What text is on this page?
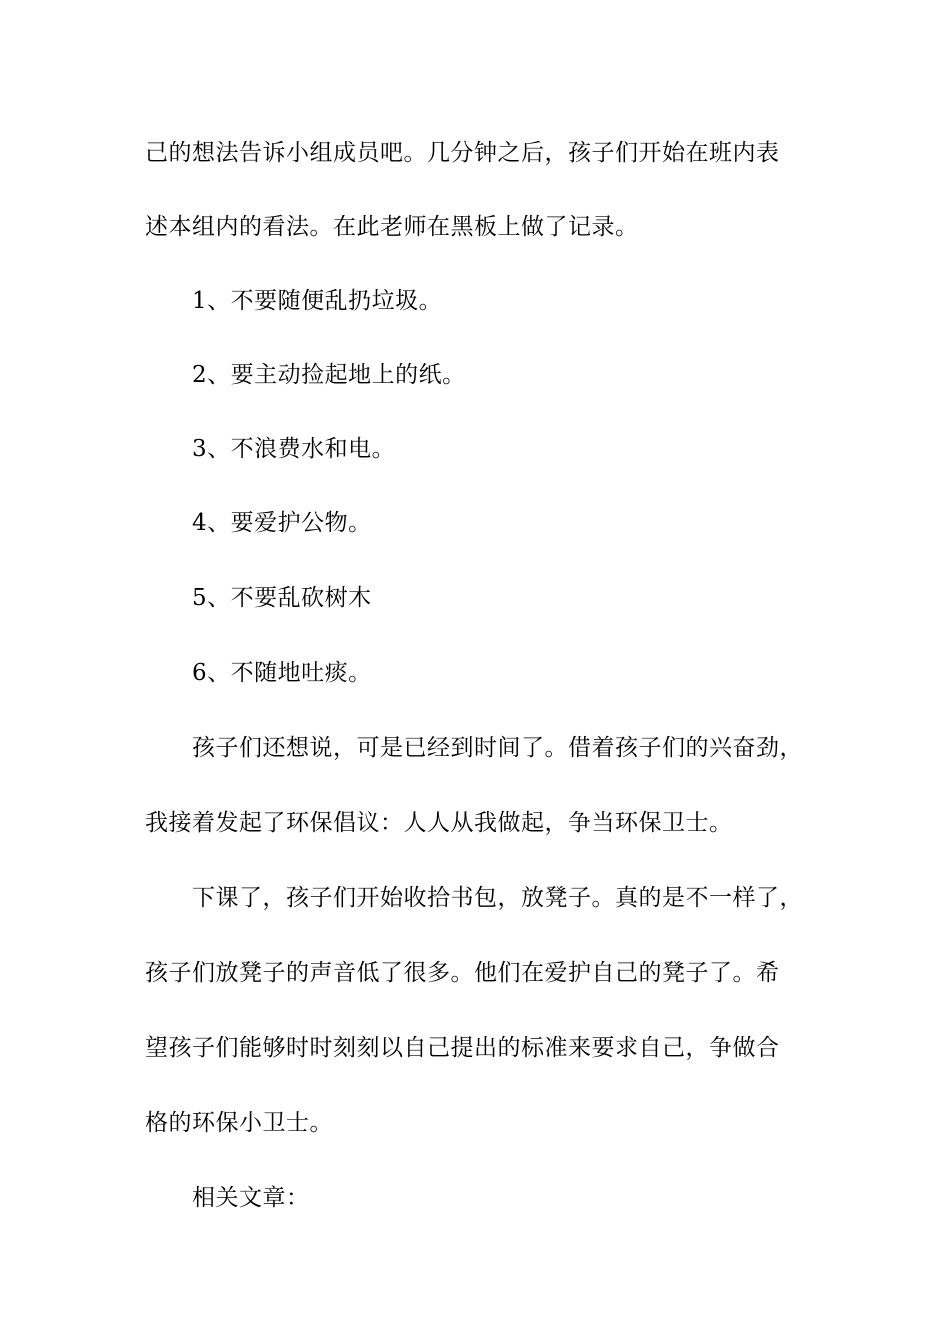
己的想法告诉小组成员吧。几分钟之后，孩子们开始在班内表
述本组内的看法。在此老师在黑板上做了记录。
1、不要随便乱扔垃圾。
2、要主动捡起地上的纸。
3、不浪费水和电。
4、要爱护公物。
5、不要乱砍树木
6、不随地吐痰。
孩子们还想说，可是已经到时间了。借着孩子们的兴奋劲，
我接着发起了环保倡议：人人从我做起，争当环保卫士。
下课了，孩子们开始收拾书包，放凳子。真的是不一样了，
孩子们放凳子的声音低了很多。他们在爱护自己的凳子了。希
望孩子们能够时时刻刻以自己提出的标准来要求自己，争做合
格的环保小卫士。
相关文章：
